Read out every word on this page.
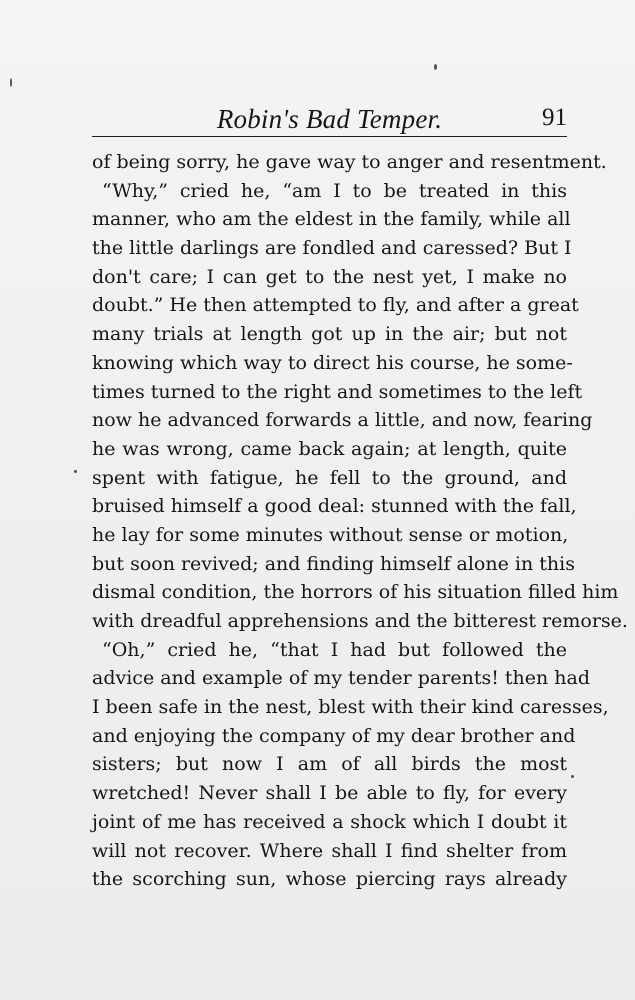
Robin's Bad Temper.	91
of being sorry, he gave way to anger and resentment.
“Why,” cried he, “am I to be treated in this
manner, who am the eldest in the family, while all
the little darlings are fondled and caressed? But I
don't care; I can get to the nest yet, I make no
doubt.” He then attempted to fly, and after a great
many trials at length got up in the air; but not
knowing which way to direct his course, he some-
times turned to the right and sometimes to the left
now he advanced forwards a little, and now, fearing
he was wrong, came back again; at length, quite
spent with fatigue, he fell to the ground, and
bruised himself a good deal: stunned with the fall,
he lay for some minutes without sense or motion,
but soon revived; and finding himself alone in this
dismal condition, the horrors of his situation filled him
with dreadful apprehensions and the bitterest remorse.
“Oh,” cried he, “that I had but followed the
advice and example of my tender parents! then had
I been safe in the nest, blest with their kind caresses,
and enjoying the company of my dear brother and
sisters; but now I am of all birds the most
wretched! Never shall I be able to fly, for every
joint of me has received a shock which I doubt it
will not recover. Where shall I find shelter from
the scorching sun, whose piercing rays already
